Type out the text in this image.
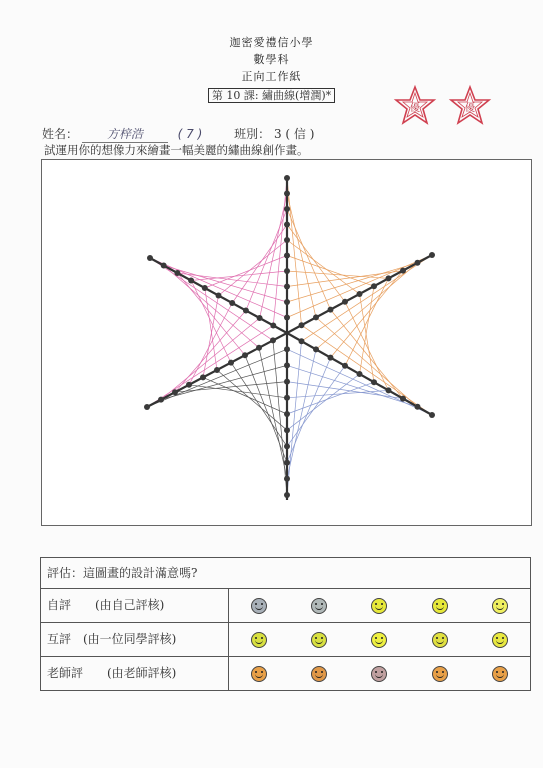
迦密愛禮信小學
數學科
正向工作紙
第 10 課: 繡曲線(增潤)*
優	優
姓名： 方梓浩	( 7 )	班別： 3 ( 信 )
試運用你的想像力來繪畫一幅美麗的繡曲線創作畫。
評估：這圖畫的設計滿意嗎?
自評　　(由自己評核)
互評　(由一位同學評核)
老師評　　(由老師評核)
